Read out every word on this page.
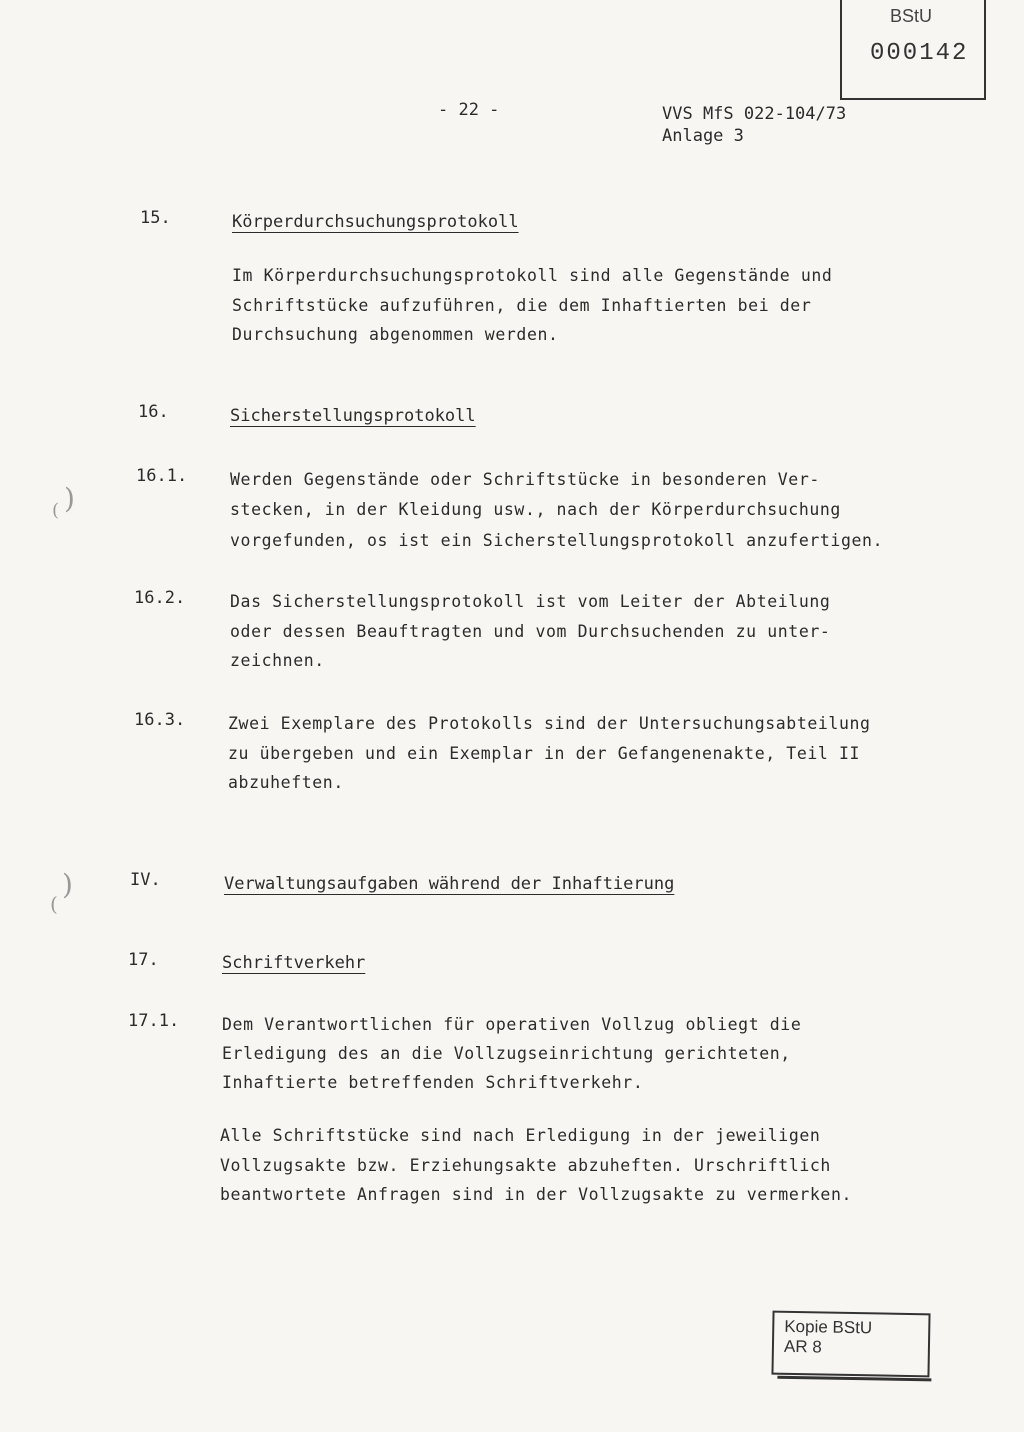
BStU
000142
- 22 -	VVS MfS 022-104/73
Anlage 3
15.	Körperdurchsuchungsprotokoll
Im Körperdurchsuchungsprotokoll sind alle Gegenstände und
Schriftstücke aufzuführen, die dem Inhaftierten bei der
Durchsuchung abgenommen werden.
16.	Sicherstellungsprotokoll
16.1.	Werden Gegenstände oder Schriftstücke in besonderen Ver-
stecken, in der Kleidung usw., nach der Körperdurchsuchung
vorgefunden, os ist ein Sicherstellungsprotokoll anzufertigen.
16.2.	Das Sicherstellungsprotokoll ist vom Leiter der Abteilung
oder dessen Beauftragten und vom Durchsuchenden zu unter-
zeichnen.
16.3.	Zwei Exemplare des Protokolls sind der Untersuchungsabteilung
zu übergeben und ein Exemplar in der Gefangenenakte, Teil II
abzuheften.
IV.	Verwaltungsaufgaben während der Inhaftierung
17.	Schriftverkehr
17.1.	Dem Verantwortlichen für operativen Vollzug obliegt die
Erledigung des an die Vollzugseinrichtung gerichteten,
Inhaftierte betreffenden Schriftverkehr.
Alle Schriftstücke sind nach Erledigung in der jeweiligen
Vollzugsakte bzw. Erziehungsakte abzuheften. Urschriftlich
beantwortete Anfragen sind in der Vollzugsakte zu vermerken.
)
(
)
(
Kopie BStU
AR 8
